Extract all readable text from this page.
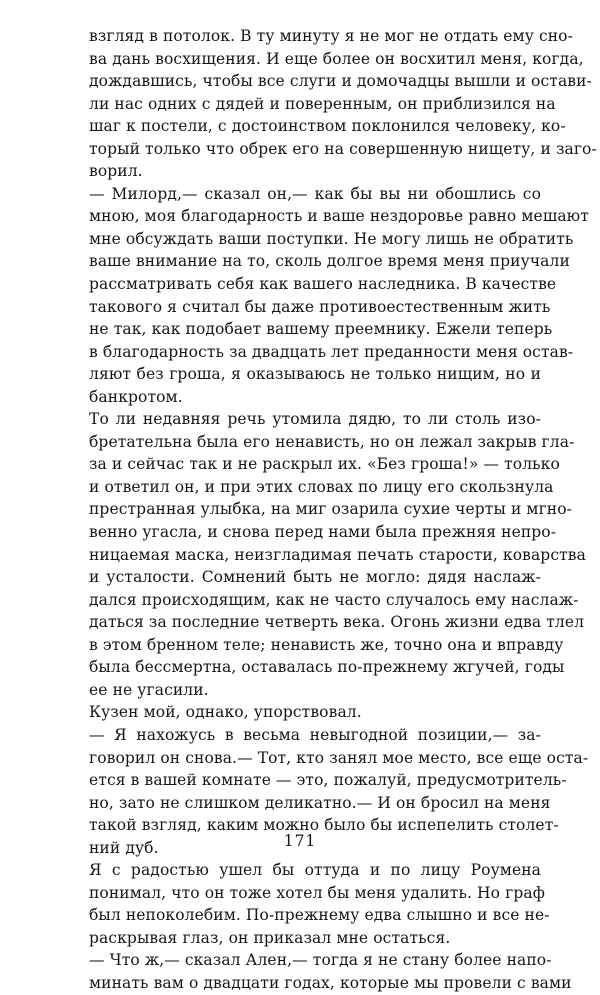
взгляд в потолок. В ту минуту я не мог не отдать ему сно-
ва дань восхищения. И еще более он восхитил меня, когда,
дождавшись, чтобы все слуги и домочадцы вышли и остави-
ли нас одних с дядей и поверенным, он приблизился на
шаг к постели, с достоинством поклонился человеку, ко-
торый только что обрек его на совершенную нищету, и заго-
ворил.
— Милорд,— сказал он,— как бы вы ни обошлись со
мною, моя благодарность и ваше нездоровье равно мешают
мне обсуждать ваши поступки. Не могу лишь не обратить
ваше внимание на то, сколь долгое время меня приучали
рассматривать себя как вашего наследника. В качестве
такового я считал бы даже противоестественным жить
не так, как подобает вашему преемнику. Ежели теперь
в благодарность за двадцать лет преданности меня остав-
ляют без гроша, я оказываюсь не только нищим, но и
банкротом.
То ли недавняя речь утомила дядю, то ли столь изо-
бретательна была его ненависть, но он лежал закрыв гла-
за и сейчас так и не раскрыл их. «Без гроша!» — только
и ответил он, и при этих словах по лицу его скользнула
престранная улыбка, на миг озарила сухие черты и мгно-
венно угасла, и снова перед нами была прежняя непро-
ницаемая маска, неизгладимая печать старости, коварства
и усталости. Сомнений быть не могло: дядя наслаж-
дался происходящим, как не часто случалось ему наслаж-
даться за последние четверть века. Огонь жизни едва тлел
в этом бренном теле; ненависть же, точно она и вправду
была бессмертна, оставалась по-прежнему жгучей, годы
ее не угасили.
Кузен мой, однако, упорствовал.
— Я нахожусь в весьма невыгодной позиции,— за-
говорил он снова.— Тот, кто занял мое место, все еще оста-
ется в вашей комнате — это, пожалуй, предусмотритель-
но, зато не слишком деликатно.— И он бросил на меня
такой взгляд, каким можно было бы испепелить столет-
ний дуб.
Я с радостью ушел бы оттуда и по лицу Роумена
понимал, что он тоже хотел бы меня удалить. Но граф
был непоколебим. По-прежнему едва слышно и все не-
раскрывая глаз, он приказал мне остаться.
— Что ж,— сказал Ален,— тогда я не стану более напо-
минать вам о двадцати годах, которые мы провели с вами
171
